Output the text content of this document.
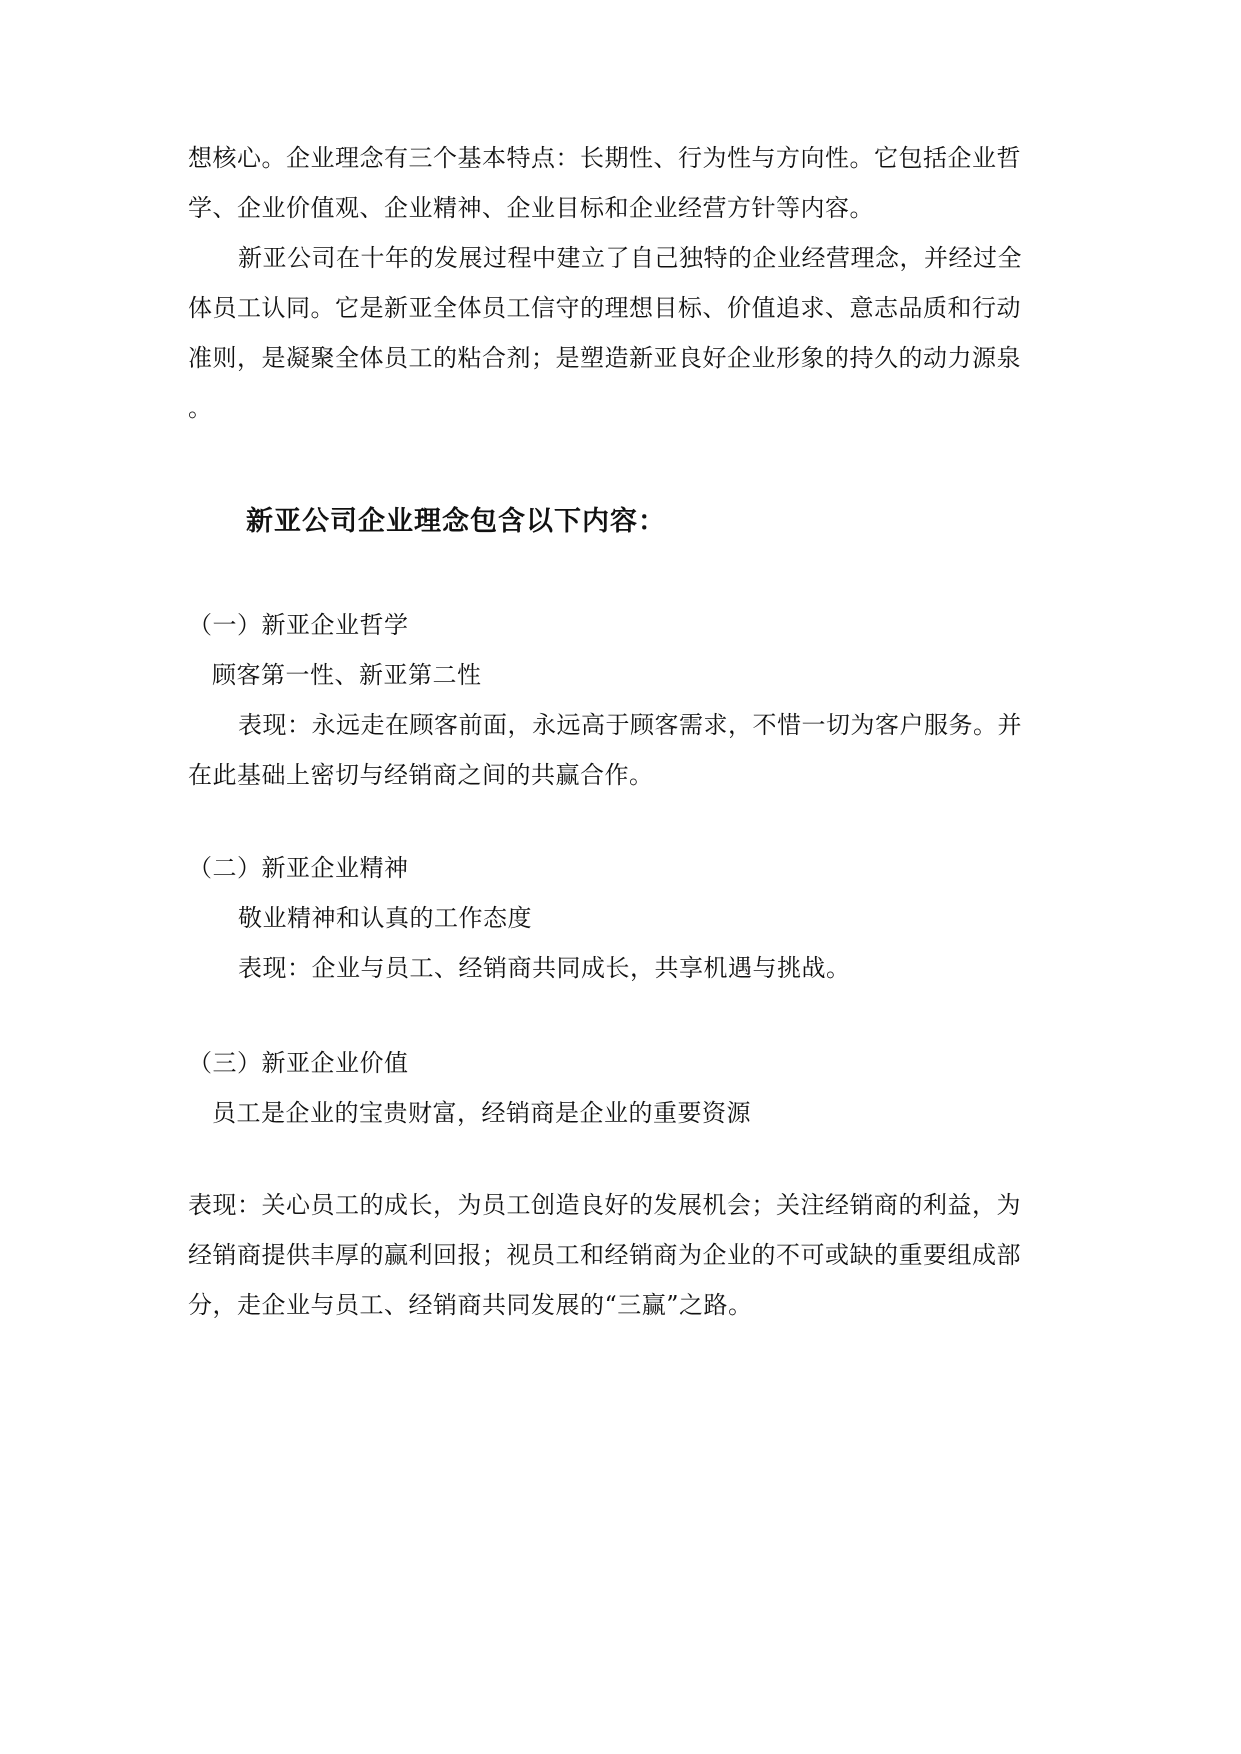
想核心。企业理念有三个基本特点：长期性、行为性与方向性。它包括企业哲
学、企业价值观、企业精神、企业目标和企业经营方针等内容。
新亚公司在十年的发展过程中建立了自己独特的企业经营理念，并经过全
体员工认同。它是新亚全体员工信守的理想目标、价值追求、意志品质和行动
准则，是凝聚全体员工的粘合剂；是塑造新亚良好企业形象的持久的动力源泉
。
新亚公司企业理念包含以下内容：
（一）新亚企业哲学
顾客第一性、新亚第二性
表现：永远走在顾客前面，永远高于顾客需求，不惜一切为客户服务。并
在此基础上密切与经销商之间的共赢合作。
（二）新亚企业精神
敬业精神和认真的工作态度
表现：企业与员工、经销商共同成长，共享机遇与挑战。
（三）新亚企业价值
员工是企业的宝贵财富，经销商是企业的重要资源
表现：关心员工的成长，为员工创造良好的发展机会；关注经销商的利益，为
经销商提供丰厚的赢利回报；视员工和经销商为企业的不可或缺的重要组成部
分，走企业与员工、经销商共同发展的“三赢”之路。
